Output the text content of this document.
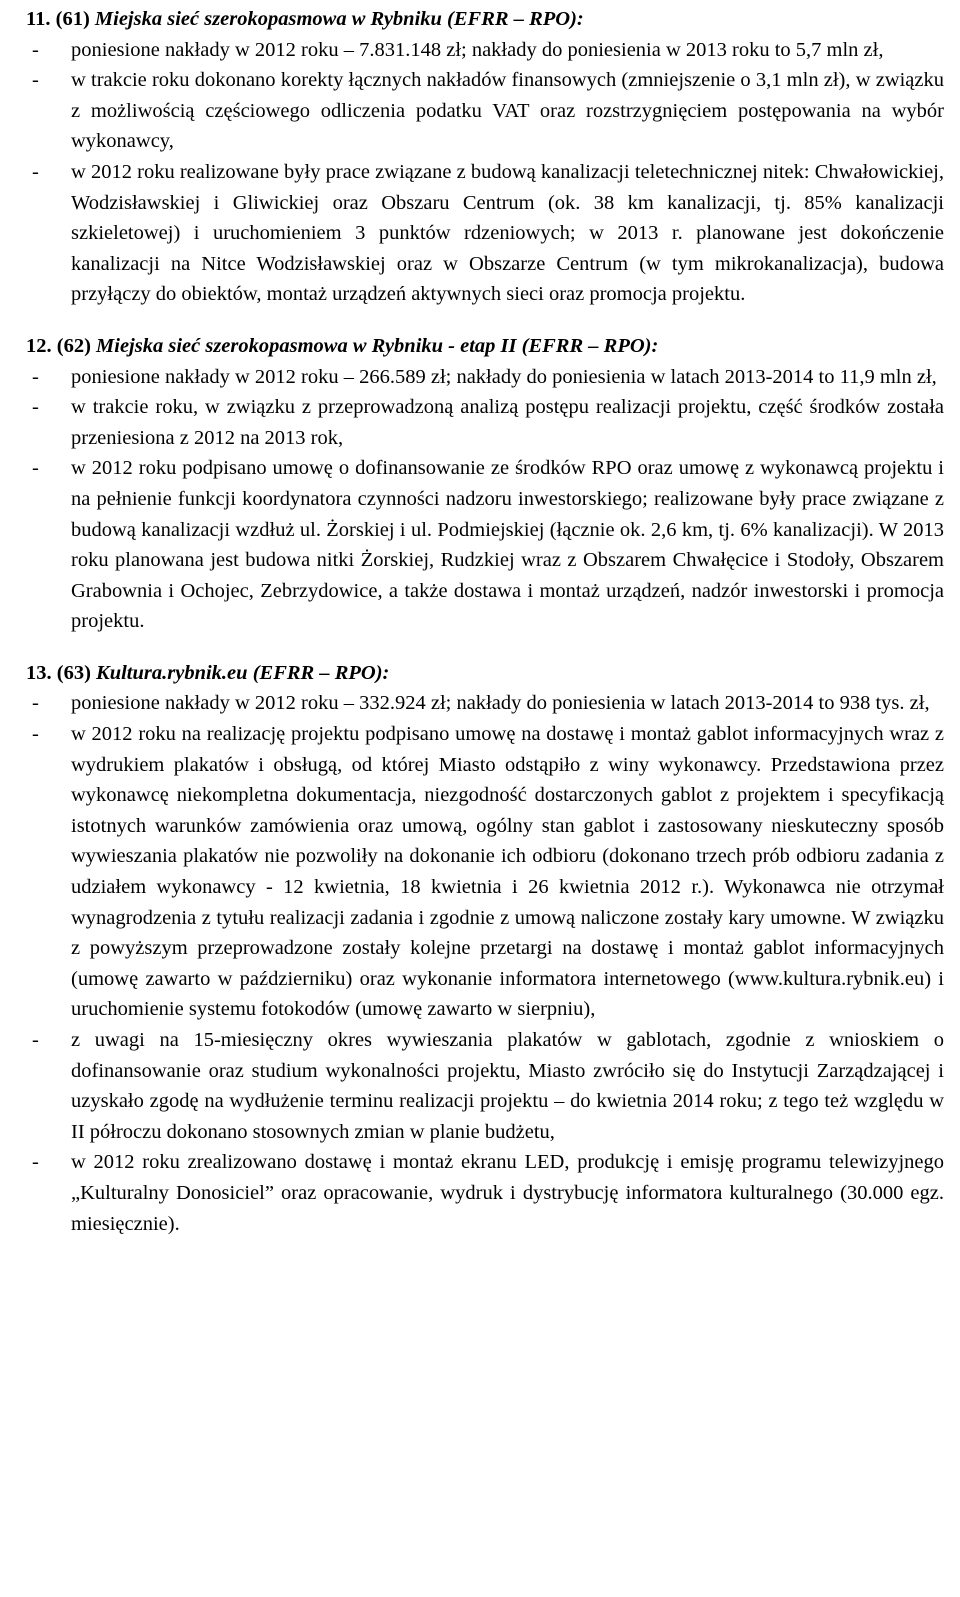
11. (61) Miejska sieć szerokopasmowa w Rybniku (EFRR – RPO):

- poniesione nakłady w 2012 roku – 7.831.148 zł; nakłady do poniesienia w 2013 roku to 5,7 mln zł,
- w trakcie roku dokonano korekty łącznych nakładów finansowych (zmniejszenie o 3,1 mln zł), w związku z możliwością częściowego odliczenia podatku VAT oraz rozstrzygnięciem postępowania na wybór wykonawcy,
- w 2012 roku realizowane były prace związane z budową kanalizacji teletechnicznej nitek: Chwałowickiej, Wodzisławskiej i Gliwickiej oraz Obszaru Centrum (ok. 38 km kanalizacji, tj. 85% kanalizacji szkieletowej) i uruchomieniem 3 punktów rdzeniowych; w 2013 r. planowane jest dokończenie kanalizacji na Nitce Wodzisławskiej oraz w Obszarze Centrum (w tym mikrokanalizacja), budowa przyłączy do obiektów, montaż urządzeń aktywnych sieci oraz promocja projektu.

12. (62) Miejska sieć szerokopasmowa w Rybniku - etap II (EFRR – RPO):

- poniesione nakłady w 2012 roku – 266.589 zł; nakłady do poniesienia w latach 2013-2014 to 11,9 mln zł,
- w trakcie roku, w związku z przeprowadzoną analizą postępu realizacji projektu, część środków została przeniesiona z 2012 na 2013 rok,
- w 2012 roku podpisano umowę o dofinansowanie ze środków RPO oraz umowę z wykonawcą projektu i na pełnienie funkcji koordynatora czynności nadzoru inwestorskiego; realizowane były prace związane z budową kanalizacji wzdłuż ul. Żorskiej i ul. Podmiejskiej (łącznie ok. 2,6 km, tj. 6% kanalizacji). W 2013 roku planowana jest budowa nitki Żorskiej, Rudzkiej wraz z Obszarem Chwałęcice i Stodoły, Obszarem Grabownia i Ochojec, Zebrzydowice, a także dostawa i montaż urządzeń, nadzór inwestorski i promocja projektu.

13. (63) Kultura.rybnik.eu (EFRR – RPO):

- poniesione nakłady w 2012 roku – 332.924 zł; nakłady do poniesienia w latach 2013-2014 to 938 tys. zł,
- w 2012 roku na realizację projektu podpisano umowę na dostawę i montaż gablot informacyjnych wraz z wydrukiem plakatów i obsługą, od której Miasto odstąpiło z winy wykonawcy. Przedstawiona przez wykonawcę niekompletna dokumentacja, niezgodność dostarczonych gablot z projektem i specyfikacją istotnych warunków zamówienia oraz umową, ogólny stan gablot i zastosowany nieskuteczny sposób wywieszania plakatów nie pozwoliły na dokonanie ich odbioru (dokonano trzech prób odbioru zadania z udziałem wykonawcy - 12 kwietnia, 18 kwietnia i 26 kwietnia 2012 r.). Wykonawca nie otrzymał wynagrodzenia z tytułu realizacji zadania i zgodnie z umową naliczone zostały kary umowne. W związku z powyższym przeprowadzone zostały kolejne przetargi na dostawę i montaż gablot informacyjnych (umowę zawarto w październiku) oraz wykonanie informatora internetowego (www.kultura.rybnik.eu) i uruchomienie systemu fotokodów (umowę zawarto w sierpniu),
- z uwagi na 15-miesięczny okres wywieszania plakatów w gablotach, zgodnie z wnioskiem o dofinansowanie oraz studium wykonalności projektu, Miasto zwróciło się do Instytucji Zarządzającej i uzyskało zgodę na wydłużenie terminu realizacji projektu – do kwietnia 2014 roku; z tego też względu w II półroczu dokonano stosownych zmian w planie budżetu,
- w 2012 roku zrealizowano dostawę i montaż ekranu LED, produkcję i emisję programu telewizyjnego „Kulturalny Donosiciel” oraz opracowanie, wydruk i dystrybucję informatora kulturalnego (30.000 egz. miesięcznie).
